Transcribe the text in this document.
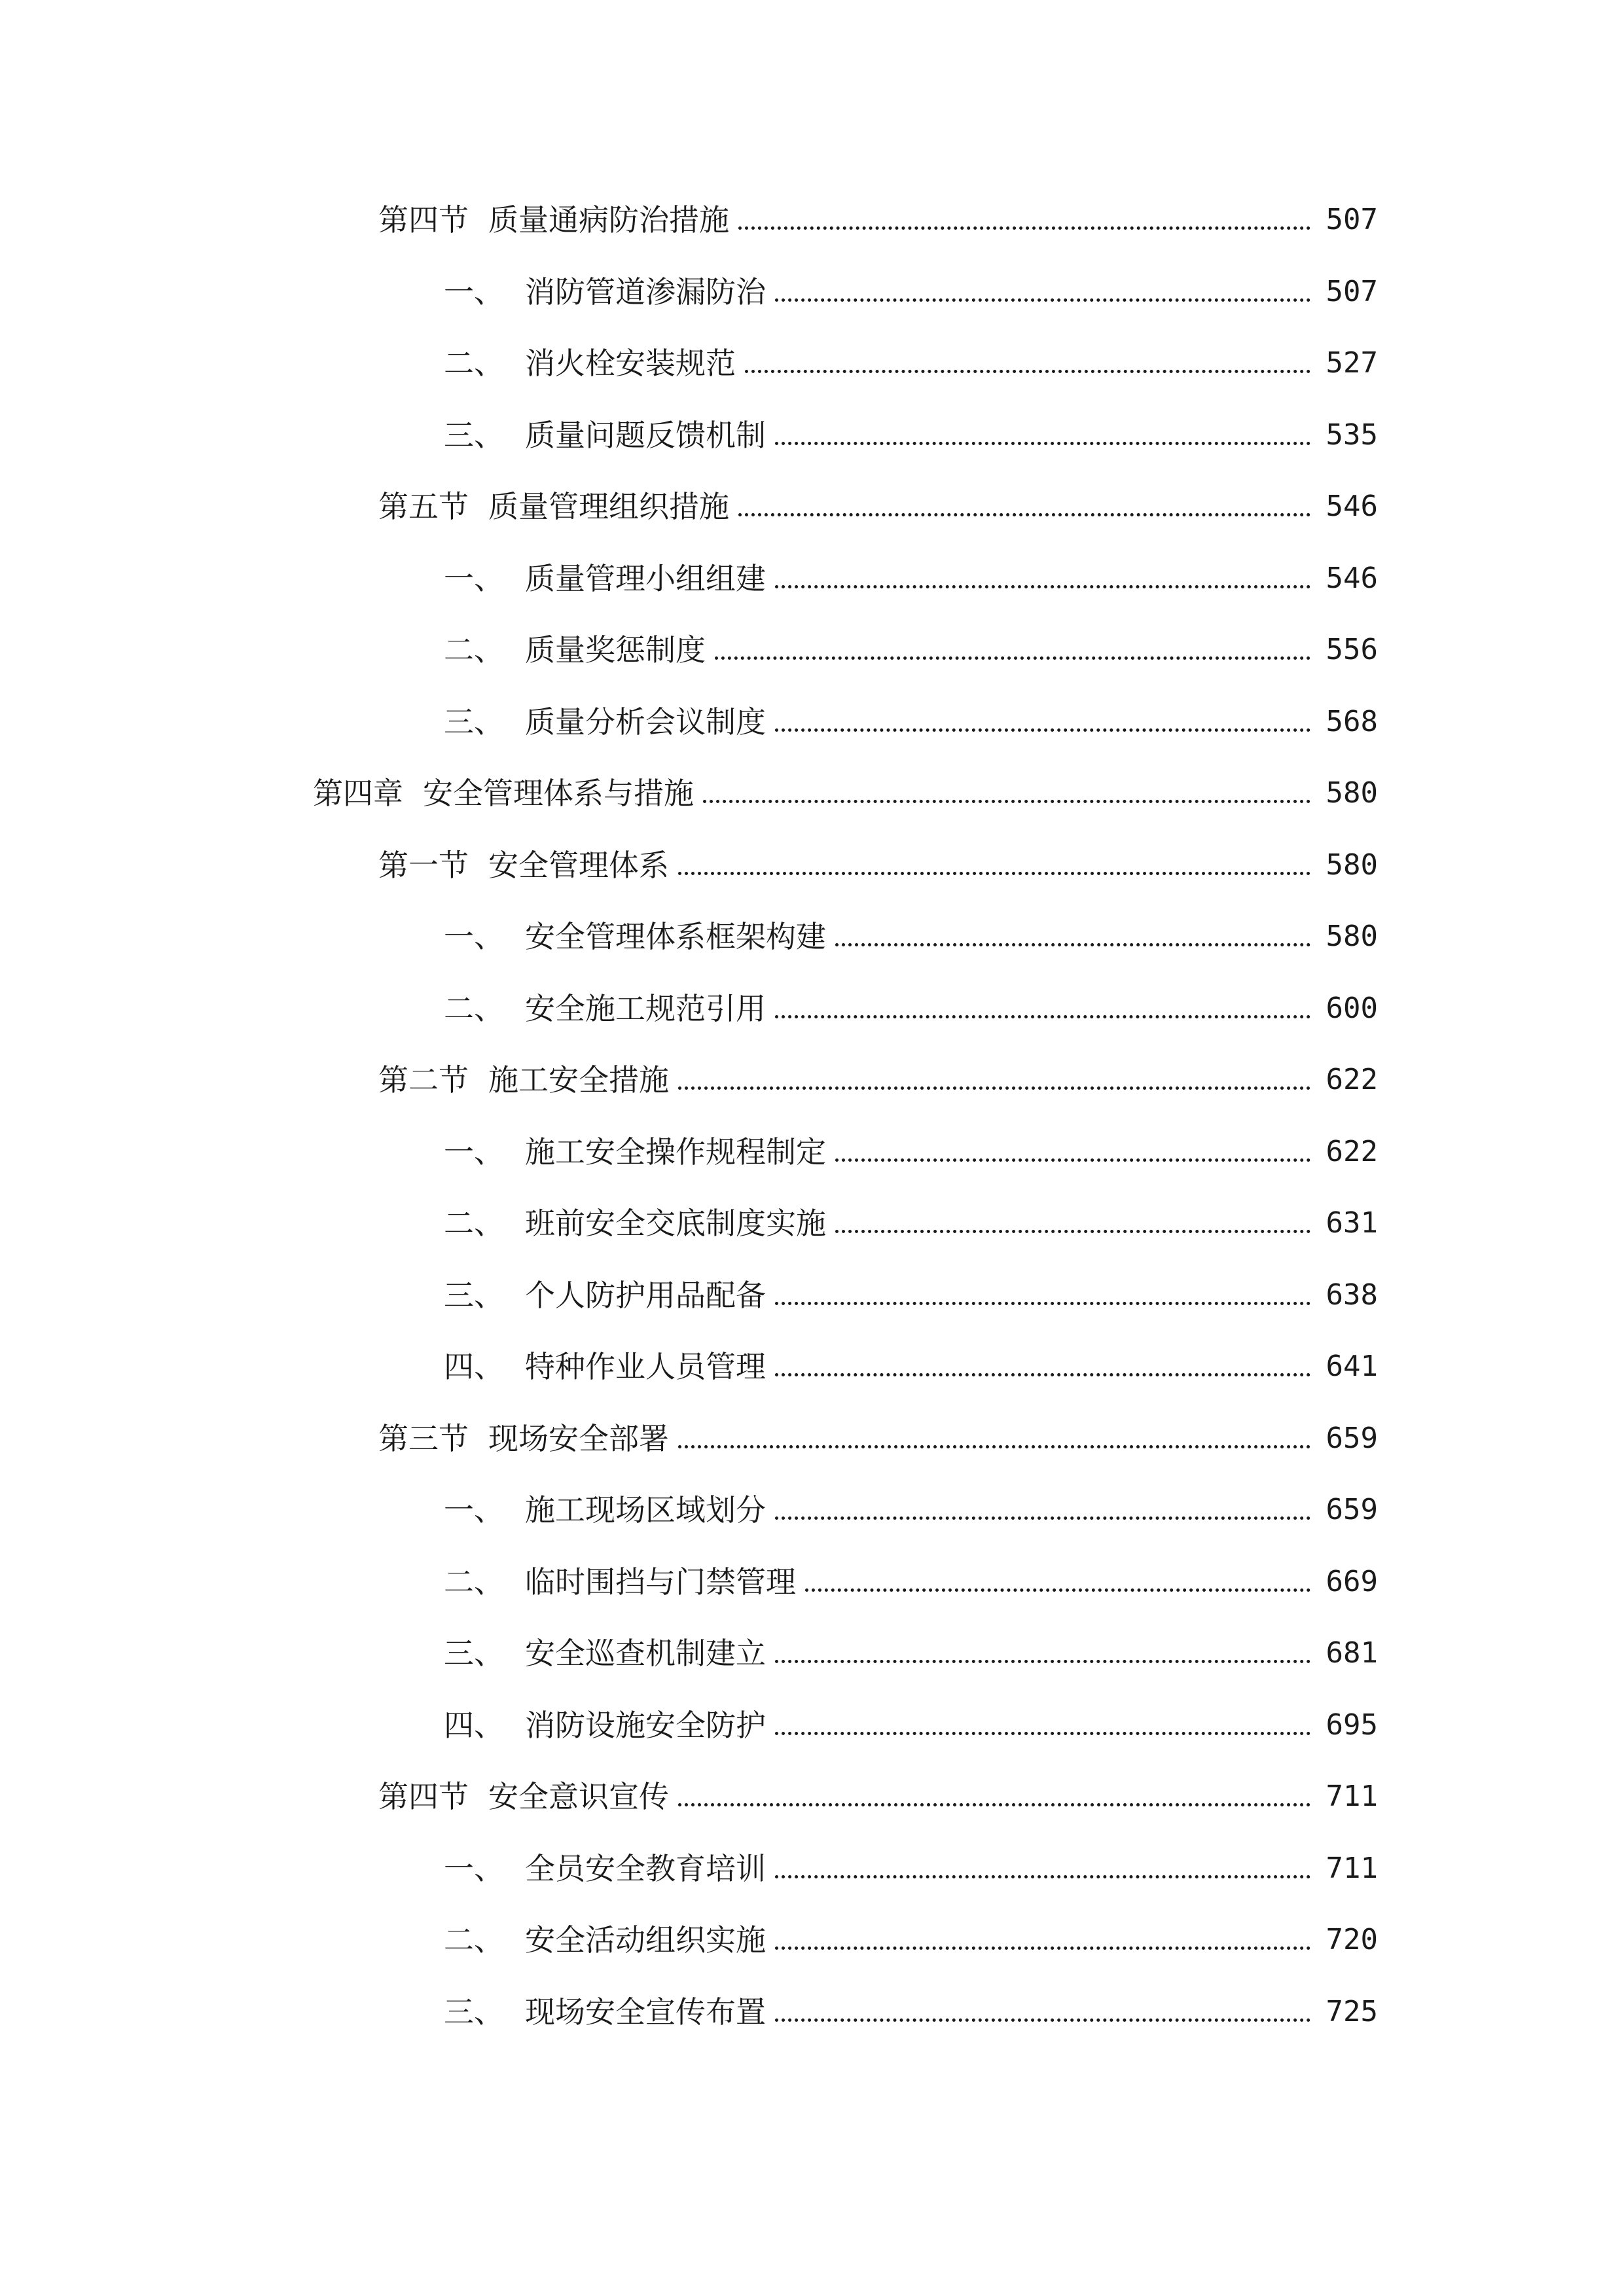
第四节 质量通病防治措施	507
一、 消防管道渗漏防治	507
二、 消火栓安装规范	527
三、 质量问题反馈机制	535
第五节 质量管理组织措施	546
一、 质量管理小组组建	546
二、 质量奖惩制度	556
三、 质量分析会议制度	568
第四章 安全管理体系与措施	580
第一节 安全管理体系	580
一、 安全管理体系框架构建	580
二、 安全施工规范引用	600
第二节 施工安全措施	622
一、 施工安全操作规程制定	622
二、 班前安全交底制度实施	631
三、 个人防护用品配备	638
四、 特种作业人员管理	641
第三节 现场安全部署	659
一、 施工现场区域划分	659
二、 临时围挡与门禁管理	669
三、 安全巡查机制建立	681
四、 消防设施安全防护	695
第四节 安全意识宣传	711
一、 全员安全教育培训	711
二、 安全活动组织实施	720
三、 现场安全宣传布置	725
